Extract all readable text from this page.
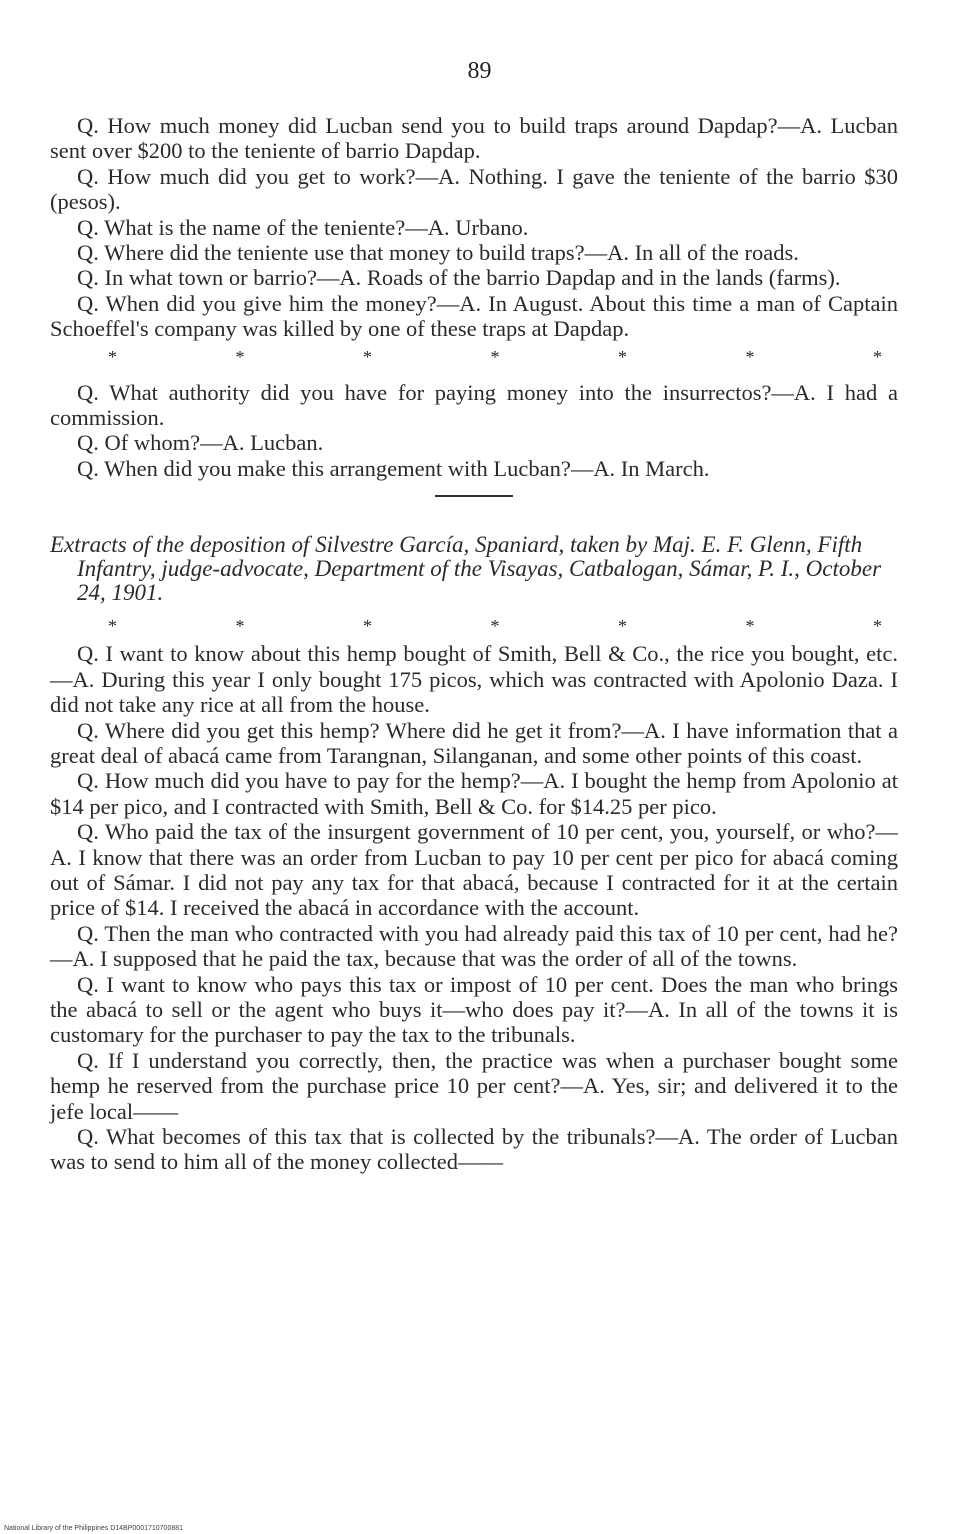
89

Q. How much money did Lucban send you to build traps around Dapdap?—A. Lucban sent over $200 to the teniente of barrio Dapdap.

Q. How much did you get to work?—A. Nothing. I gave the teniente of the barrio $30 (pesos).

Q. What is the name of the teniente?—A. Urbano.

Q. Where did the teniente use that money to build traps?—A. In all of the roads.

Q. In what town or barrio?—A. Roads of the barrio Dapdap and in the lands (farms).

Q. When did you give him the money?—A. In August. About this time a man of Captain Schoeffel's company was killed by one of these traps at Dapdap.

*	*	*	*	*	*	*

Q. What authority did you have for paying money into the insurrectos?—A. I had a commission.

Q. Of whom?—A. Lucban.

Q. When did you make this arrangement with Lucban?—A. In March.

Extracts of the deposition of Silvestre García, Spaniard, taken by Maj. E. F. Glenn, Fifth Infantry, judge-advocate, Department of the Visayas, Catbalogan, Sámar, P. I., October 24, 1901.

*	*	*	*	*	*	*

Q. I want to know about this hemp bought of Smith, Bell & Co., the rice you bought, etc.—A. During this year I only bought 175 picos, which was contracted with Apolonio Daza. I did not take any rice at all from the house.

Q. Where did you get this hemp? Where did he get it from?—A. I have information that a great deal of abacá came from Tarangnan, Silanganan, and some other points of this coast.

Q. How much did you have to pay for the hemp?—A. I bought the hemp from Apolonio at $14 per pico, and I contracted with Smith, Bell & Co. for $14.25 per pico.

Q. Who paid the tax of the insurgent government of 10 per cent, you, yourself, or who?—A. I know that there was an order from Lucban to pay 10 per cent per pico for abacá coming out of Sámar. I did not pay any tax for that abacá, because I contracted for it at the certain price of $14. I received the abacá in accordance with the account.

Q. Then the man who contracted with you had already paid this tax of 10 per cent, had he?—A. I supposed that he paid the tax, because that was the order of all of the towns.

Q. I want to know who pays this tax or impost of 10 per cent. Does the man who brings the abacá to sell or the agent who buys it—who does pay it?—A. In all of the towns it is customary for the purchaser to pay the tax to the tribunals.

Q. If I understand you correctly, then, the practice was when a purchaser bought some hemp he reserved from the purchase price 10 per cent?—A. Yes, sir; and delivered it to the jefe local——

Q. What becomes of this tax that is collected by the tribunals?—A. The order of Lucban was to send to him all of the money collected——

National Library of the Philippines D14BP0001710700881
